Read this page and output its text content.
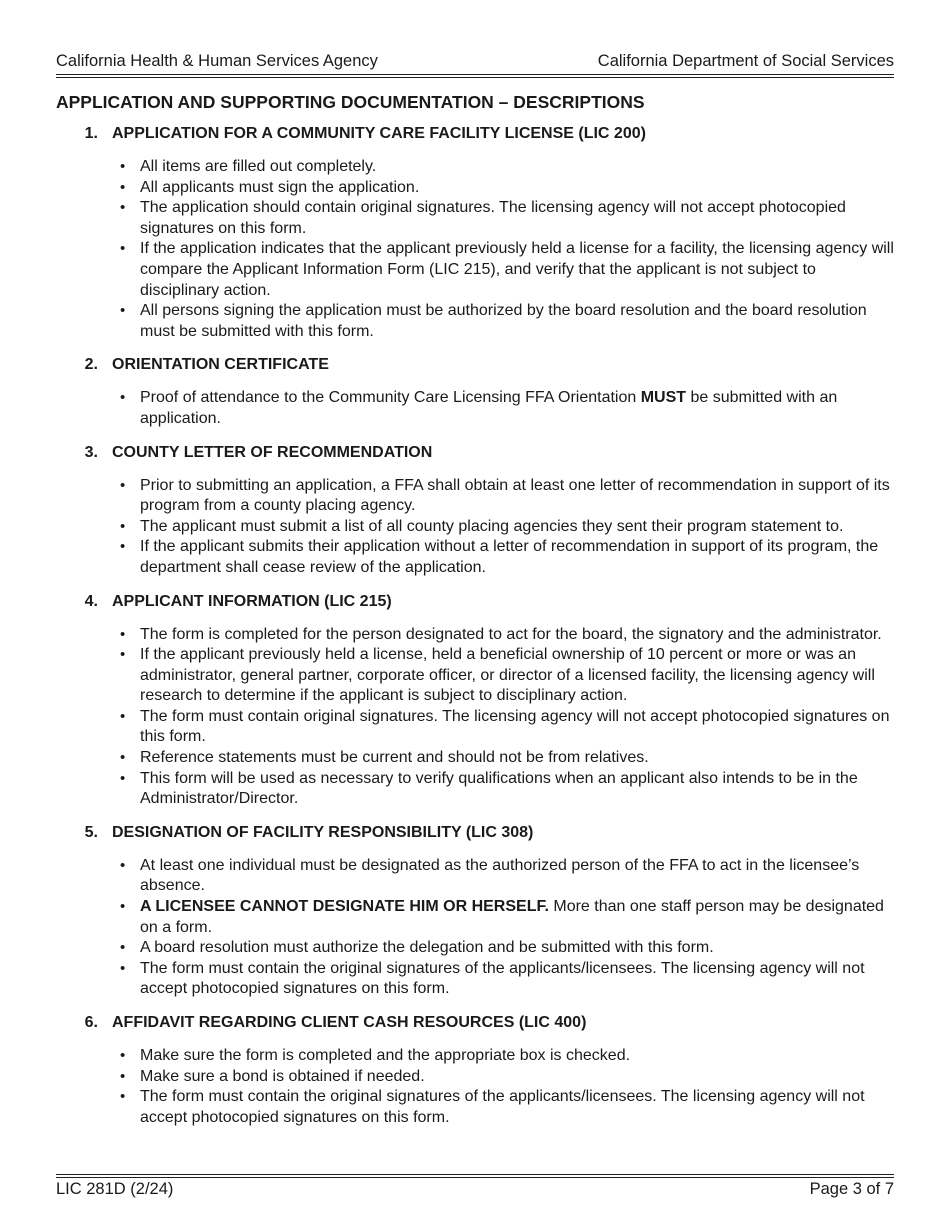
California Health & Human Services Agency	California Department of Social Services
APPLICATION AND SUPPORTING DOCUMENTATION – DESCRIPTIONS
1. APPLICATION FOR A COMMUNITY CARE FACILITY LICENSE (LIC 200)
• All items are filled out completely.
• All applicants must sign the application.
• The application should contain original signatures. The licensing agency will not accept photocopied signatures on this form.
• If the application indicates that the applicant previously held a license for a facility, the licensing agency will compare the Applicant Information Form (LIC 215), and verify that the applicant is not subject to disciplinary action.
• All persons signing the application must be authorized by the board resolution and the board resolution must be submitted with this form.
2. ORIENTATION CERTIFICATE
• Proof of attendance to the Community Care Licensing FFA Orientation MUST be submitted with an application.
3. COUNTY LETTER OF RECOMMENDATION
• Prior to submitting an application, a FFA shall obtain at least one letter of recommendation in support of its program from a county placing agency.
• The applicant must submit a list of all county placing agencies they sent their program statement to.
• If the applicant submits their application without a letter of recommendation in support of its program, the department shall cease review of the application.
4. APPLICANT INFORMATION (LIC 215)
• The form is completed for the person designated to act for the board, the signatory and the administrator.
• If the applicant previously held a license, held a beneficial ownership of 10 percent or more or was an administrator, general partner, corporate officer, or director of a licensed facility, the licensing agency will research to determine if the applicant is subject to disciplinary action.
• The form must contain original signatures. The licensing agency will not accept photocopied signatures on this form.
• Reference statements must be current and should not be from relatives.
• This form will be used as necessary to verify qualifications when an applicant also intends to be in the Administrator/Director.
5. DESIGNATION OF FACILITY RESPONSIBILITY (LIC 308)
• At least one individual must be designated as the authorized person of the FFA to act in the licensee’s absence.
• A LICENSEE CANNOT DESIGNATE HIM OR HERSELF. More than one staff person may be designated on a form.
• A board resolution must authorize the delegation and be submitted with this form.
• The form must contain the original signatures of the applicants/licensees. The licensing agency will not accept photocopied signatures on this form.
6. AFFIDAVIT REGARDING CLIENT CASH RESOURCES (LIC 400)
• Make sure the form is completed and the appropriate box is checked.
• Make sure a bond is obtained if needed.
• The form must contain the original signatures of the applicants/licensees. The licensing agency will not accept photocopied signatures on this form.
LIC 281D (2/24)	Page 3 of 7
